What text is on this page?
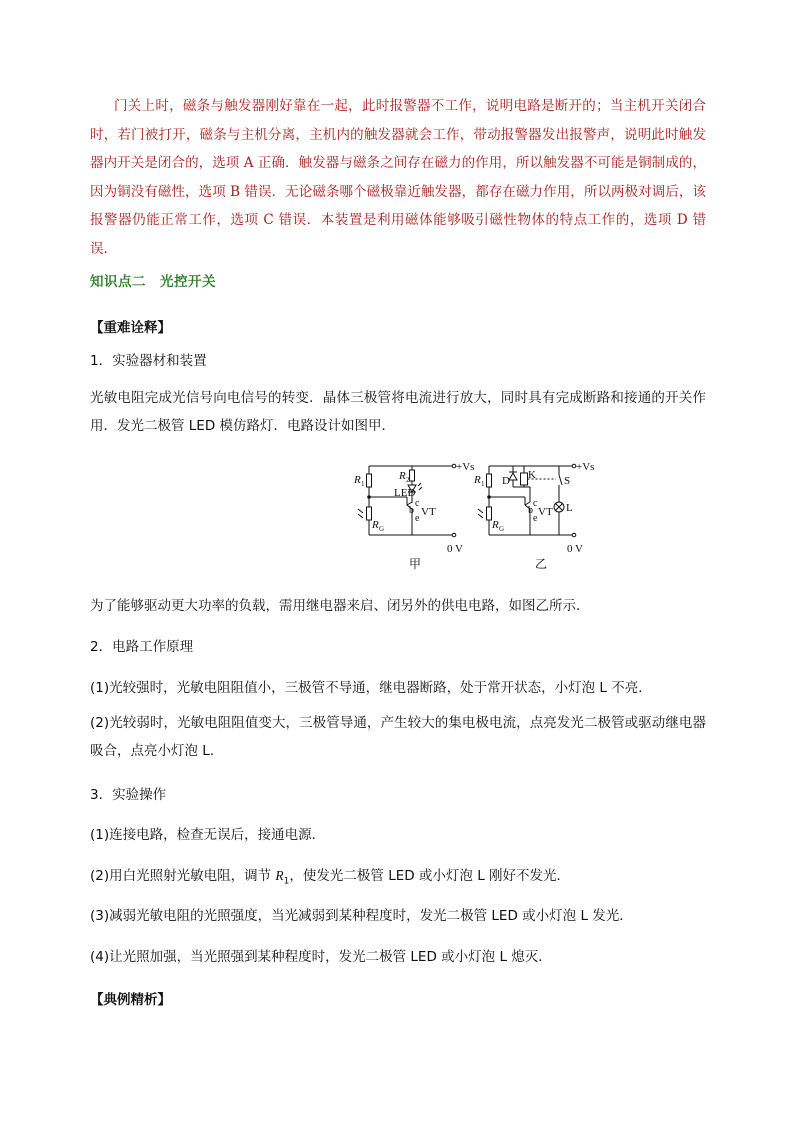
门关上时，磁条与触发器刚好靠在一起，此时报警器不工作，说明电路是断开的；当主机开关闭合时，若门被打开，磁条与主机分离，主机内的触发器就会工作，带动报警器发出报警声，说明此时触发器内开关是闭合的，选项 A 正确．触发器与磁条之间存在磁力的作用，所以触发器不可能是铜制成的，因为铜没有磁性，选项 B 错误．无论磁条哪个磁极靠近触发器，都存在磁力作用，所以两极对调后，该报警器仍能正常工作，选项 C 错误．本装置是利用磁体能够吸引磁性物体的特点工作的，选项 D 错误．
知识点二　光控开关
【重难诠释】
1．实验器材和装置
光敏电阻完成光信号向电信号的转变．晶体三极管将电流进行放大，同时具有完成断路和接通的开关作用．发光二极管 LED 模仿路灯．电路设计如图甲．
+Vs
0 V
R 1
R 2
R G
LED
b
c
e
VT
甲
+Vs
0 V
R 1
R G
D K	S
L
b
c
e
VT
乙
为了能够驱动更大功率的负载，需用继电器来启、闭另外的供电电路，如图乙所示．
2．电路工作原理
(1)光较强时，光敏电阻阻值小，三极管不导通，继电器断路，处于常开状态，小灯泡 L 不亮．
(2)光较弱时，光敏电阻阻值变大，三极管导通，产生较大的集电极电流，点亮发光二极管或驱动继电器吸合，点亮小灯泡 L.
3．实验操作
(1)连接电路，检查无误后，接通电源．
(2)用白光照射光敏电阻，调节 $R_1$，使发光二极管 LED 或小灯泡 L 刚好不发光．
(3)减弱光敏电阻的光照强度，当光减弱到某种程度时，发光二极管 LED 或小灯泡 L 发光．
(4)让光照加强，当光照强到某种程度时，发光二极管 LED 或小灯泡 L 熄灭．
【典例精析】
